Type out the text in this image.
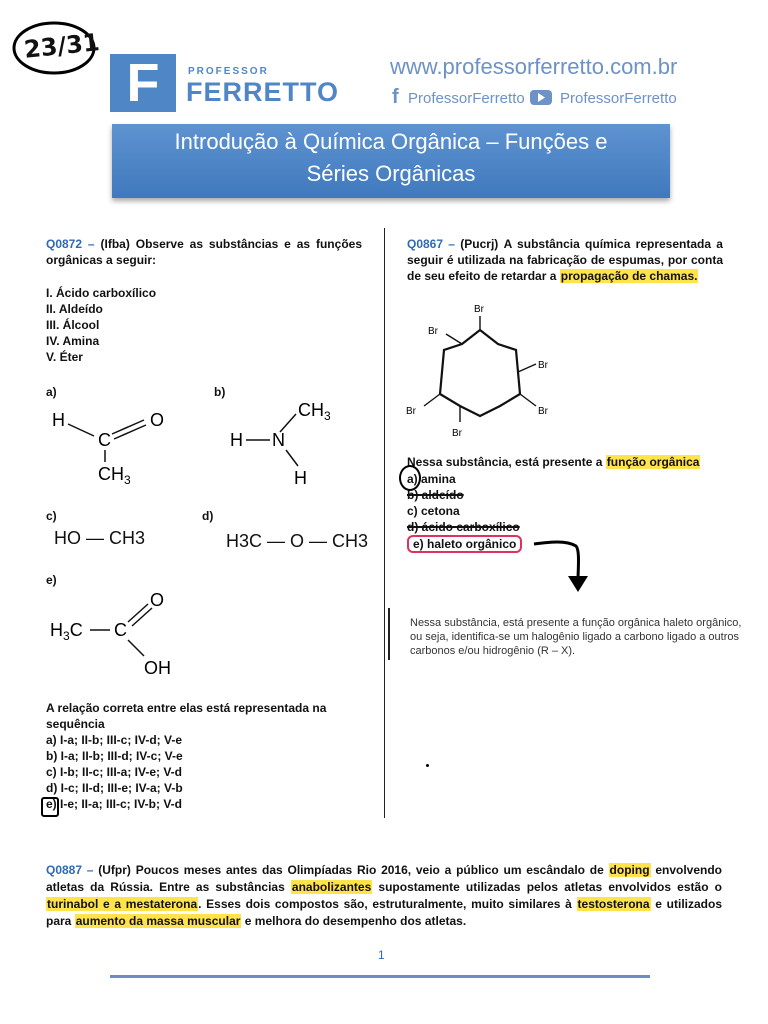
23/31
F	PROFESSOR
FERRETTO
www.professorferretto.com.br
f ProfessorFerretto ProfessorFerretto
Introdução à Química Orgânica – Funções e
Séries Orgânicas
Q0872 – (Ifba) Observe as substâncias e as funções orgânicas a seguir:
I. Ácido carboxílico
II. Aldeído
III. Álcool
IV. Amina
V. Éter
a)
H
C
O
$CH_3$
b)
$CH_3$
H N
H
c)
HO — CH3
d)
H3C — O — CH3
e)
$H_3C$ C
O
OH
A relação correta entre elas está representada na sequência
a) I-a; II-b; III-c; IV-d; V-e
b) I-a; II-b; III-d; IV-c; V-e
c) I-b; II-c; III-a; IV-e; V-d
d) I-c; II-d; III-e; IV-a; V-b
e) I-e; II-a; III-c; IV-b; V-d
Q0867 – (Pucrj) A substância química representada a seguir é utilizada na fabricação de espumas, por conta de seu efeito de retardar a propagação de chamas.
Br
Br
Br
Br
Br
Br
Nessa substância, está presente a função orgânica
a) amina
b) aldeído
c) cetona
d) ácido carboxílico
e) haleto orgânico
Nessa substância, está presente a função orgânica haleto orgânico, ou seja, identifica-se um halogênio ligado a carbono ligado a outros carbonos e/ou hidrogênio (R – X).
Q0887 – (Ufpr) Poucos meses antes das Olimpíadas Rio 2016, veio a público um escândalo de doping envolvendo atletas da Rússia. Entre as substâncias anabolizantes supostamente utilizadas pelos atletas envolvidos estão o turinabol e a mestaterona. Esses dois compostos são, estruturalmente, muito similares à testosterona e utilizados para aumento da massa muscular e melhora do desempenho dos atletas.
1
